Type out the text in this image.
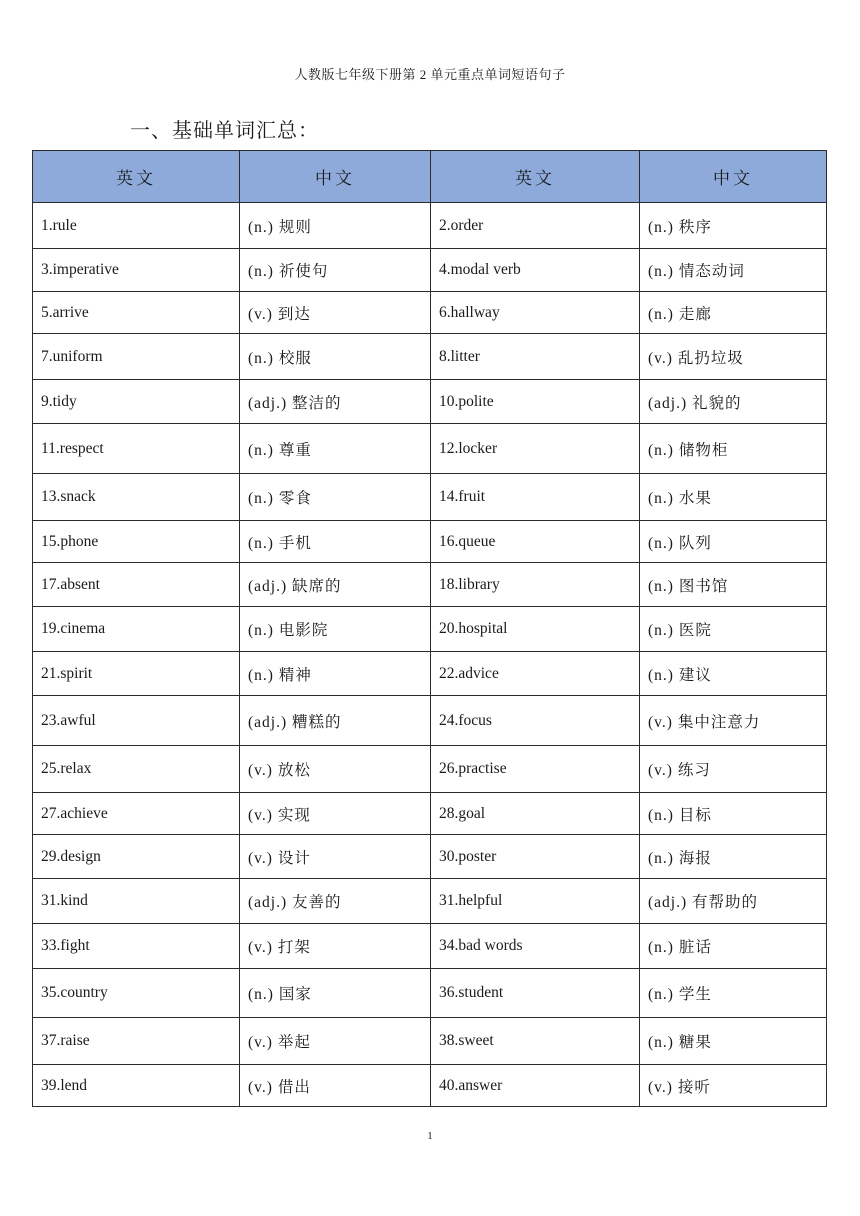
人教版七年级下册第 2 单元重点单词短语句子
一、基础单词汇总：
英文	中文	英文	中文
1.rule	(n.) 规则	2.order	(n.) 秩序
3.imperative	(n.) 祈使句	4.modal verb	(n.) 情态动词
5.arrive	(v.) 到达	6.hallway	(n.) 走廊
7.uniform	(n.) 校服	8.litter	(v.) 乱扔垃圾
9.tidy	(adj.) 整洁的	10.polite	(adj.) 礼貌的
11.respect	(n.) 尊重	12.locker	(n.) 储物柜
13.snack	(n.) 零食	14.fruit	(n.) 水果
15.phone	(n.) 手机	16.queue	(n.) 队列
17.absent	(adj.) 缺席的	18.library	(n.) 图书馆
19.cinema	(n.) 电影院	20.hospital	(n.) 医院
21.spirit	(n.) 精神	22.advice	(n.) 建议
23.awful	(adj.) 糟糕的	24.focus	(v.) 集中注意力
25.relax	(v.) 放松	26.practise	(v.) 练习
27.achieve	(v.) 实现	28.goal	(n.) 目标
29.design	(v.) 设计	30.poster	(n.) 海报
31.kind	(adj.) 友善的	31.helpful	(adj.) 有帮助的
33.fight	(v.) 打架	34.bad words	(n.) 脏话
35.country	(n.) 国家	36.student	(n.) 学生
37.raise	(v.) 举起	38.sweet	(n.) 糖果
39.lend	(v.) 借出	40.answer	(v.) 接听
1
